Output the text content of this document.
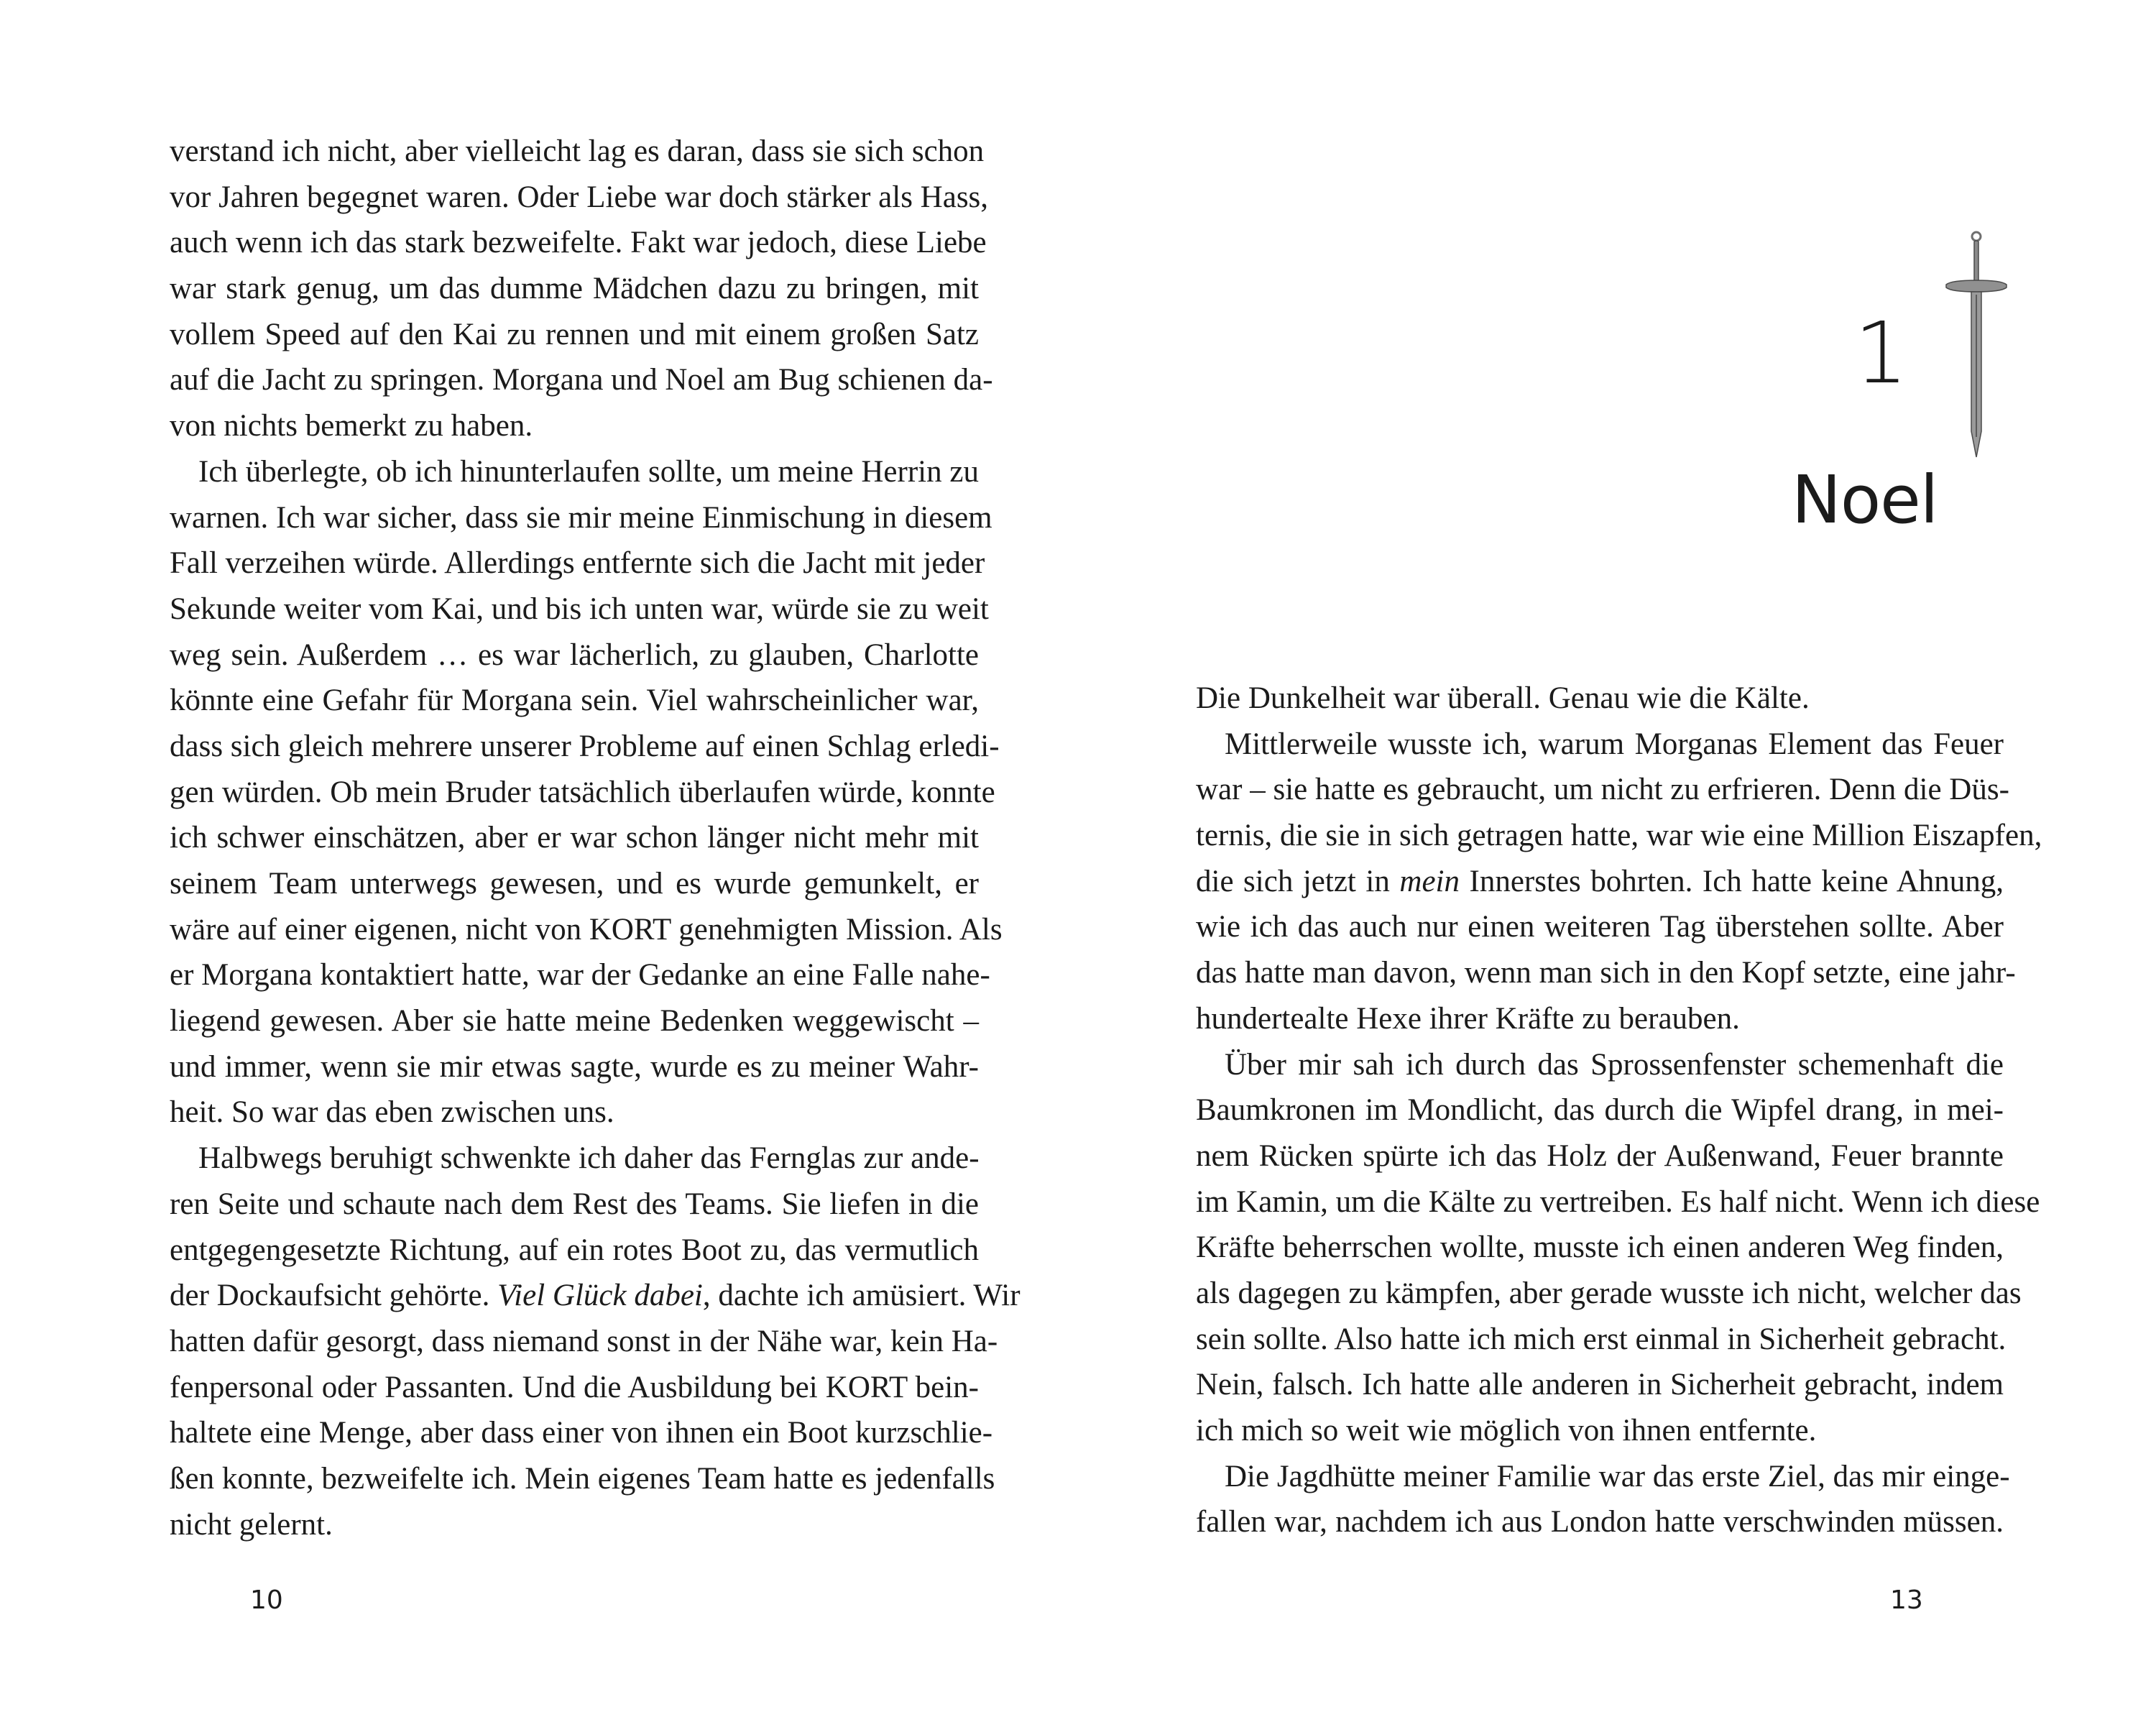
verstand ich nicht, aber vielleicht lag es daran, dass sie sich schon
vor Jahren begegnet waren. Oder Liebe war doch stärker als Hass,
auch wenn ich das stark bezweifelte. Fakt war jedoch, diese Liebe
war stark genug, um das dumme Mädchen dazu zu bringen, mit
vollem Speed auf den Kai zu rennen und mit einem großen Satz
auf die Jacht zu springen. Morgana und Noel am Bug schienen da-
von nichts bemerkt zu haben.
Ich überlegte, ob ich hinunterlaufen sollte, um meine Herrin zu
warnen. Ich war sicher, dass sie mir meine Einmischung in diesem
Fall verzeihen würde. Allerdings entfernte sich die Jacht mit jeder
Sekunde weiter vom Kai, und bis ich unten war, würde sie zu weit
weg sein. Außerdem … es war lächerlich, zu glauben, Charlotte
könnte eine Gefahr für Morgana sein. Viel wahrscheinlicher war,
dass sich gleich mehrere unserer Probleme auf einen Schlag erledi-
gen würden. Ob mein Bruder tatsächlich überlaufen würde, konnte
ich schwer einschätzen, aber er war schon länger nicht mehr mit
seinem Team unterwegs gewesen, und es wurde gemunkelt, er
wäre auf einer eigenen, nicht von KORT genehmigten Mission. Als
er Morgana kontaktiert hatte, war der Gedanke an eine Falle nahe-
liegend gewesen. Aber sie hatte meine Bedenken weggewischt –
und immer, wenn sie mir etwas sagte, wurde es zu meiner Wahr-
heit. So war das eben zwischen uns.
Halbwegs beruhigt schwenkte ich daher das Fernglas zur ande-
ren Seite und schaute nach dem Rest des Teams. Sie liefen in die
entgegengesetzte Richtung, auf ein rotes Boot zu, das vermutlich
der Dockaufsicht gehörte. Viel Glück dabei, dachte ich amüsiert. Wir
hatten dafür gesorgt, dass niemand sonst in der Nähe war, kein Ha-
fenpersonal oder Passanten. Und die Ausbildung bei KORT bein-
haltete eine Menge, aber dass einer von ihnen ein Boot kurzschlie-
ßen konnte, bezweifelte ich. Mein eigenes Team hatte es jedenfalls
nicht gelernt.
10
1
Noel
Die Dunkelheit war überall. Genau wie die Kälte.
Mittlerweile wusste ich, warum Morganas Element das Feuer
war – sie hatte es gebraucht, um nicht zu erfrieren. Denn die Düs-
ternis, die sie in sich getragen hatte, war wie eine Million Eiszapfen,
die sich jetzt in mein Innerstes bohrten. Ich hatte keine Ahnung,
wie ich das auch nur einen weiteren Tag überstehen sollte. Aber
das hatte man davon, wenn man sich in den Kopf setzte, eine jahr-
hundertealte Hexe ihrer Kräfte zu berauben.
Über mir sah ich durch das Sprossenfenster schemenhaft die
Baumkronen im Mondlicht, das durch die Wipfel drang, in mei-
nem Rücken spürte ich das Holz der Außenwand, Feuer brannte
im Kamin, um die Kälte zu vertreiben. Es half nicht. Wenn ich diese
Kräfte beherrschen wollte, musste ich einen anderen Weg finden,
als dagegen zu kämpfen, aber gerade wusste ich nicht, welcher das
sein sollte. Also hatte ich mich erst einmal in Sicherheit gebracht.
Nein, falsch. Ich hatte alle anderen in Sicherheit gebracht, indem
ich mich so weit wie möglich von ihnen entfernte.
Die Jagdhütte meiner Familie war das erste Ziel, das mir einge-
fallen war, nachdem ich aus London hatte verschwinden müssen.
13
